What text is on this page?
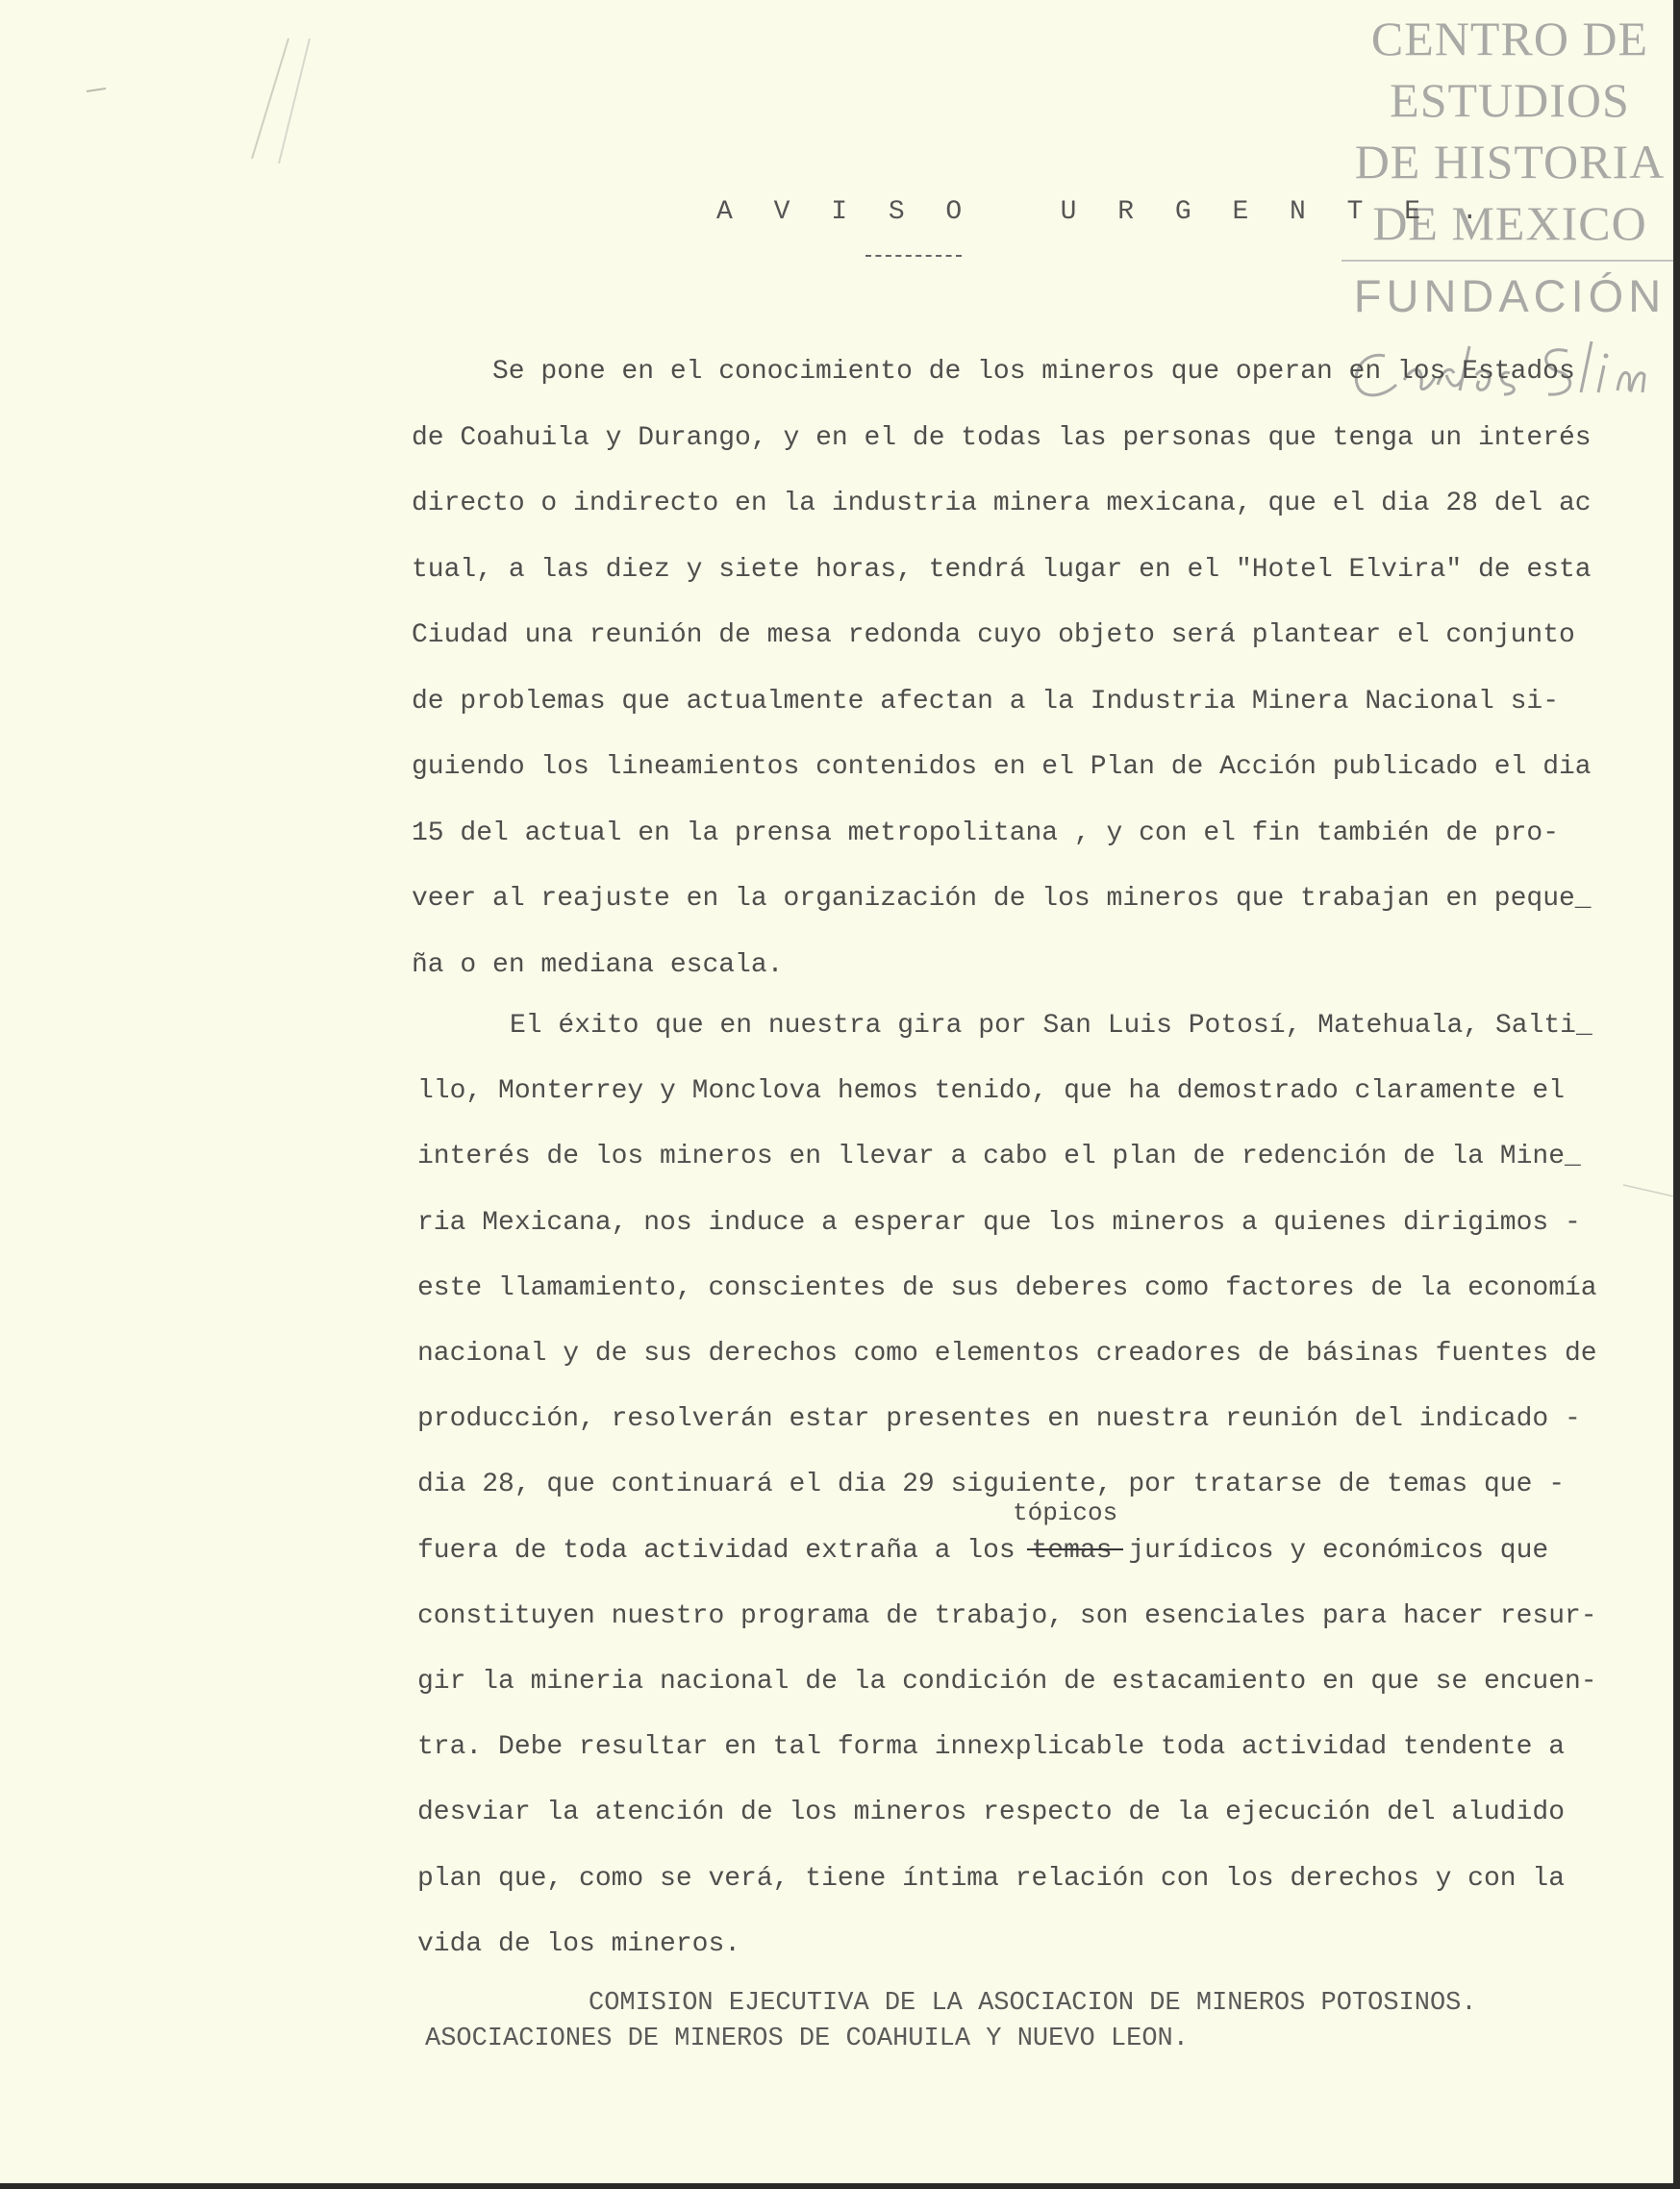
CENTRO DE
ESTUDIOS
DE HISTORIA
DE MEXICO
FUNDACIÓN
A V I S O   U R G E N T E .
Se pone en el conocimiento de los mineros que operan en los Estados
de Coahuila y Durango, y en el de todas las personas que tenga un interés
directo o indirecto en la industria minera mexicana, que el dia 28 del ac
tual, a las diez y siete horas, tendrá lugar en el "Hotel Elvira" de esta
Ciudad una reunión de mesa redonda cuyo objeto será plantear el conjunto
de problemas que actualmente afectan a la Industria Minera Nacional si-
guiendo los lineamientos contenidos en el Plan de Acción publicado el dia
15 del actual en la prensa metropolitana , y con el fin también de pro-
veer al reajuste en la organización de los mineros que trabajan en peque_
ña o en mediana escala.
El éxito que en nuestra gira por San Luis Potosí, Matehuala, Salti_
llo, Monterrey y Monclova hemos tenido, que ha demostrado claramente el
interés de los mineros en llevar a cabo el plan de redención de la Mine_
ria Mexicana, nos induce a esperar que los mineros a quienes dirigimos -
este llamamiento, conscientes de sus deberes como factores de la economía
nacional y de sus derechos como elementos creadores de básinas fuentes de
producción, resolverán estar presentes en nuestra reunión del indicado -
dia 28, que continuará el dia 29 siguiente, por tratarse de temas que -
fuera de toda actividad extraña a los temas jurídicos y económicos que
constituyen nuestro programa de trabajo, son esenciales para hacer resur-
gir la mineria nacional de la condición de estacamiento en que se encuen-
tra. Debe resultar en tal forma innexplicable toda actividad tendente a
desviar la atención de los mineros respecto de la ejecución del aludido
plan que, como se verá, tiene íntima relación con los derechos y con la
vida de los mineros.
tópicos
COMISION EJECUTIVA DE LA ASOCIACION DE MINEROS POTOSINOS.
ASOCIACIONES DE MINEROS DE COAHUILA Y NUEVO LEON.
